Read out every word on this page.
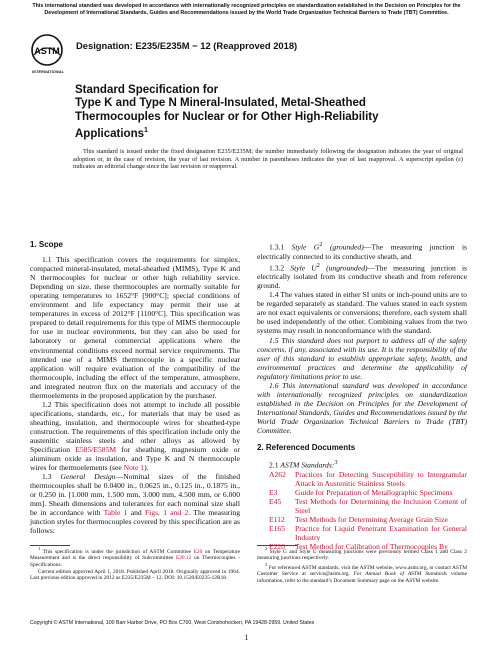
This international standard was developed in accordance with internationally recognized principles on standardization established in the Decision on Principles for the Development of International Standards, Guides and Recommendations issued by the World Trade Organization Technical Barriers to Trade (TBT) Committee.
ASTM
INTERNATIONAL
Designation: E235/E235M − 12 (Reapproved 2018)
Standard Specification for
Type K and Type N Mineral-Insulated, Metal-Sheathed
Thermocouples for Nuclear or for Other High-Reliability
Applications$^1$
This standard is issued under the fixed designation E235/E235M; the number immediately following the designation indicates the year of original adoption or, in the case of revision, the year of last revision. A number in parentheses indicates the year of last reapproval. A superscript epsilon (ε) indicates an editorial change since the last revision or reapproval.
1. Scope

1.1 This specification covers the requirements for simplex, compacted mineral-insulated, metal-sheathed (MIMS), Type K and N thermocouples for nuclear or other high reliability service. Depending on size, these thermocouples are normally suitable for operating temperatures to 1652°F [900°C]; special conditions of environment and life expectancy may permit their use at temperatures in excess of 2012°F [1100°C]. This specification was prepared to detail requirements for this type of MIMS thermocouple for use in nuclear environments, but they can also be used for laboratory or general commercial applications where the environmental conditions exceed normal service requirements. The intended use of a MIMS thermocouple in a specific nuclear application will require evaluation of the compatibility of the thermocouple, including the effect of the temperature, atmosphere, and integrated neutron flux on the materials and accuracy of the thermoelements in the proposed application by the purchaser.

1.2 This specification does not attempt to include all possible specifications, standards, etc., for materials that may be used as sheathing, insulation, and thermocouple wires for sheathed-type construction. The requirements of this specification include only the austenitic stainless steels and other alloys as allowed by Specification E585/E585M for sheathing, magnesium oxide or aluminum oxide as insulation, and Type K and N thermocouple wires for thermoelements (see Note 1).

1.3 General Design—Nominal sizes of the finished thermocouples shall be 0.0400 in., 0.0625 in., 0.125 in., 0.1875 in., or 0.250 in. [1.000 mm, 1.500 mm, 3.000 mm, 4.500 mm, or 6.000 mm]. Sheath dimensions and tolerances for each nominal size shall be in accordance with Table 1 and Figs. 1 and 2. The measuring junction styles for thermocouples covered by this specification are as follows:

1.3.1 Style $G^2$ (grounded)—The measuring junction is electrically connected to its conductive sheath, and

1.3.2 Style $U^2$ (ungrounded)—The measuring junction is electrically isolated from its conductive sheath and from reference ground.

1.4 The values stated in either SI units or inch-pound units are to be regarded separately as standard. The values stated in each system are not exact equivalents or conversions; therefore, each system shall be used independently of the other. Combining values from the two systems may result in nonconformance with the standard.

1.5 This standard does not purport to address all of the safety concerns, if any, associated with its use. It is the responsibility of the user of this standard to establish appropriate safety, health, and environmental practices and determine the applicability of regulatory limitations prior to use.

1.6 This international standard was developed in accordance with internationally recognized principles on standardization established in the Decision on Principles for the Development of International Standards, Guides and Recommendations issued by the World Trade Organization Technical Barriers to Trade (TBT) Committee.

2. Referenced Documents

2.1 ASTM Standards:$^3$

A262	Practices for Detecting Susceptibility to Intergranular Attack in Austenitic Stainless Steels
E3	Guide for Preparation of Metallographic Specimens
E45	Test Methods for Determining the Inclusion Content of Steel
E112	Test Methods for Determining Average Grain Size
E165	Practice for Liquid Penetrant Examination for General Industry
E220	Test Method for Calibration of Thermocouples By

$^1$ This specification is under the jurisdiction of ASTM Committee E20 on Temperature Measurement and is the direct responsibility of Subcommittee E20.12 on Thermocouples - Specifications.

Current edition approved April 1, 2018. Published April 2018. Originally approved in 1964. Last previous edition approved in 2012 as E235/E235M – 12. DOI: 10.1520/E0235-12R18.

$^2$ Style G and Style U measuring junctions were previously termed Class 1 and Class 2 measuring junctions respectively.

$^3$ For referenced ASTM standards, visit the ASTM website, www.astm.org, or contact ASTM Customer Service at service@astm.org. For Annual Book of ASTM Standards volume information, refer to the standard’s Document Summary page on the ASTM website.

Copyright © ASTM International, 100 Barr Harbor Drive, PO Box C700, West Conshohocken, PA 19428-2959. United States
1
